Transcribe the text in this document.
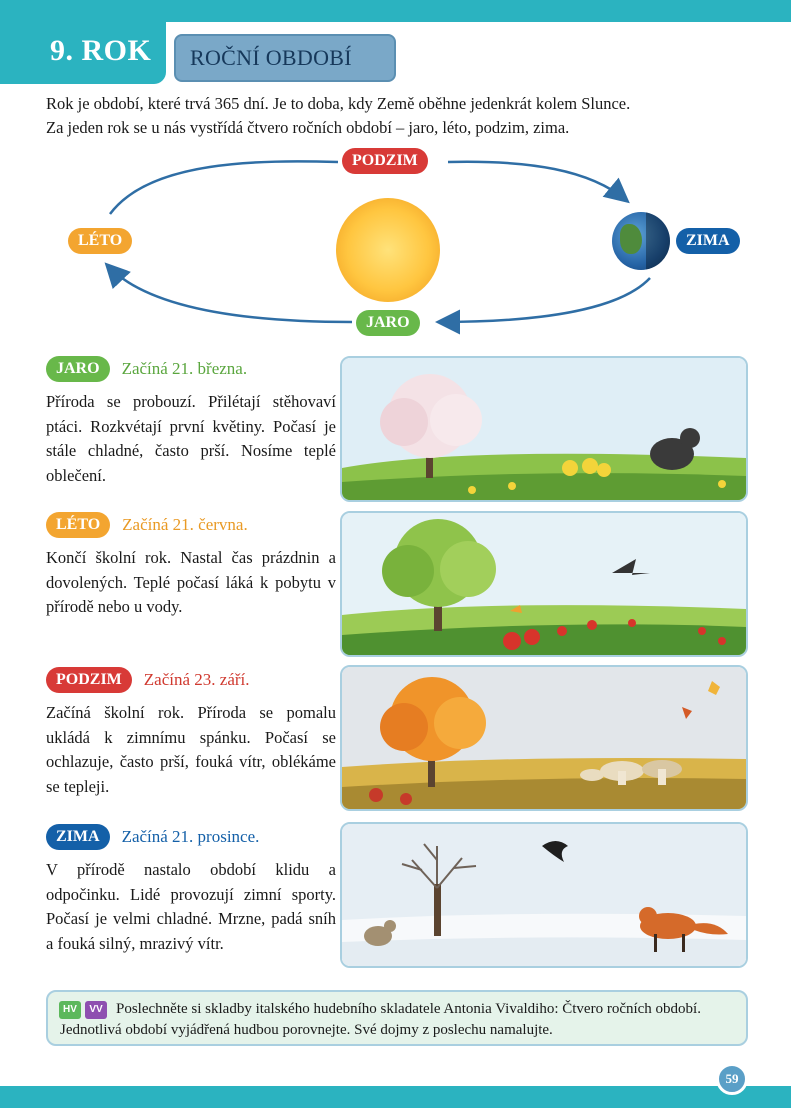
9. ROK ROČNÍ OBDOBÍ
Rok je období, které trvá 365 dní. Je to doba, kdy Země oběhne jedenkrát kolem Slunce.
Za jeden rok se u nás vystřídá čtvero ročních období – jaro, léto, podzim, zima.
PODZIM
LÉTO	ZIMA
JARO
JARO	Začíná 21. března.
Příroda se probouzí. Přilétají stěhovaví ptáci. Rozkvétají první květiny. Počasí je stále chladné, často prší. Nosíme teplé oblečení.
LÉTO	Začíná 21. června.
Končí školní rok. Nastal čas prázdnin a dovolených. Teplé počasí láká k pobytu v přírodě nebo u vody.
PODZIM	Začíná 23. září.
Začíná školní rok. Příroda se pomalu ukládá k zimnímu spánku. Počasí se ochlazuje, často prší, fouká vítr, oblékáme se tepleji.
ZIMA	Začíná 21. prosince.
V přírodě nastalo období klidu a odpočinku. Lidé provozují zimní sporty. Počasí je velmi chladné. Mrzne, padá sníh a fouká silný, mrazivý vítr.
Poslechněte si skladby italského hudebního skladatele Antonia Vivaldiho: Čtvero ročních období. Jednotlivá období vyjádřená hudbou porovnejte. Své dojmy z poslechu namalujte.
HV	VV
59
